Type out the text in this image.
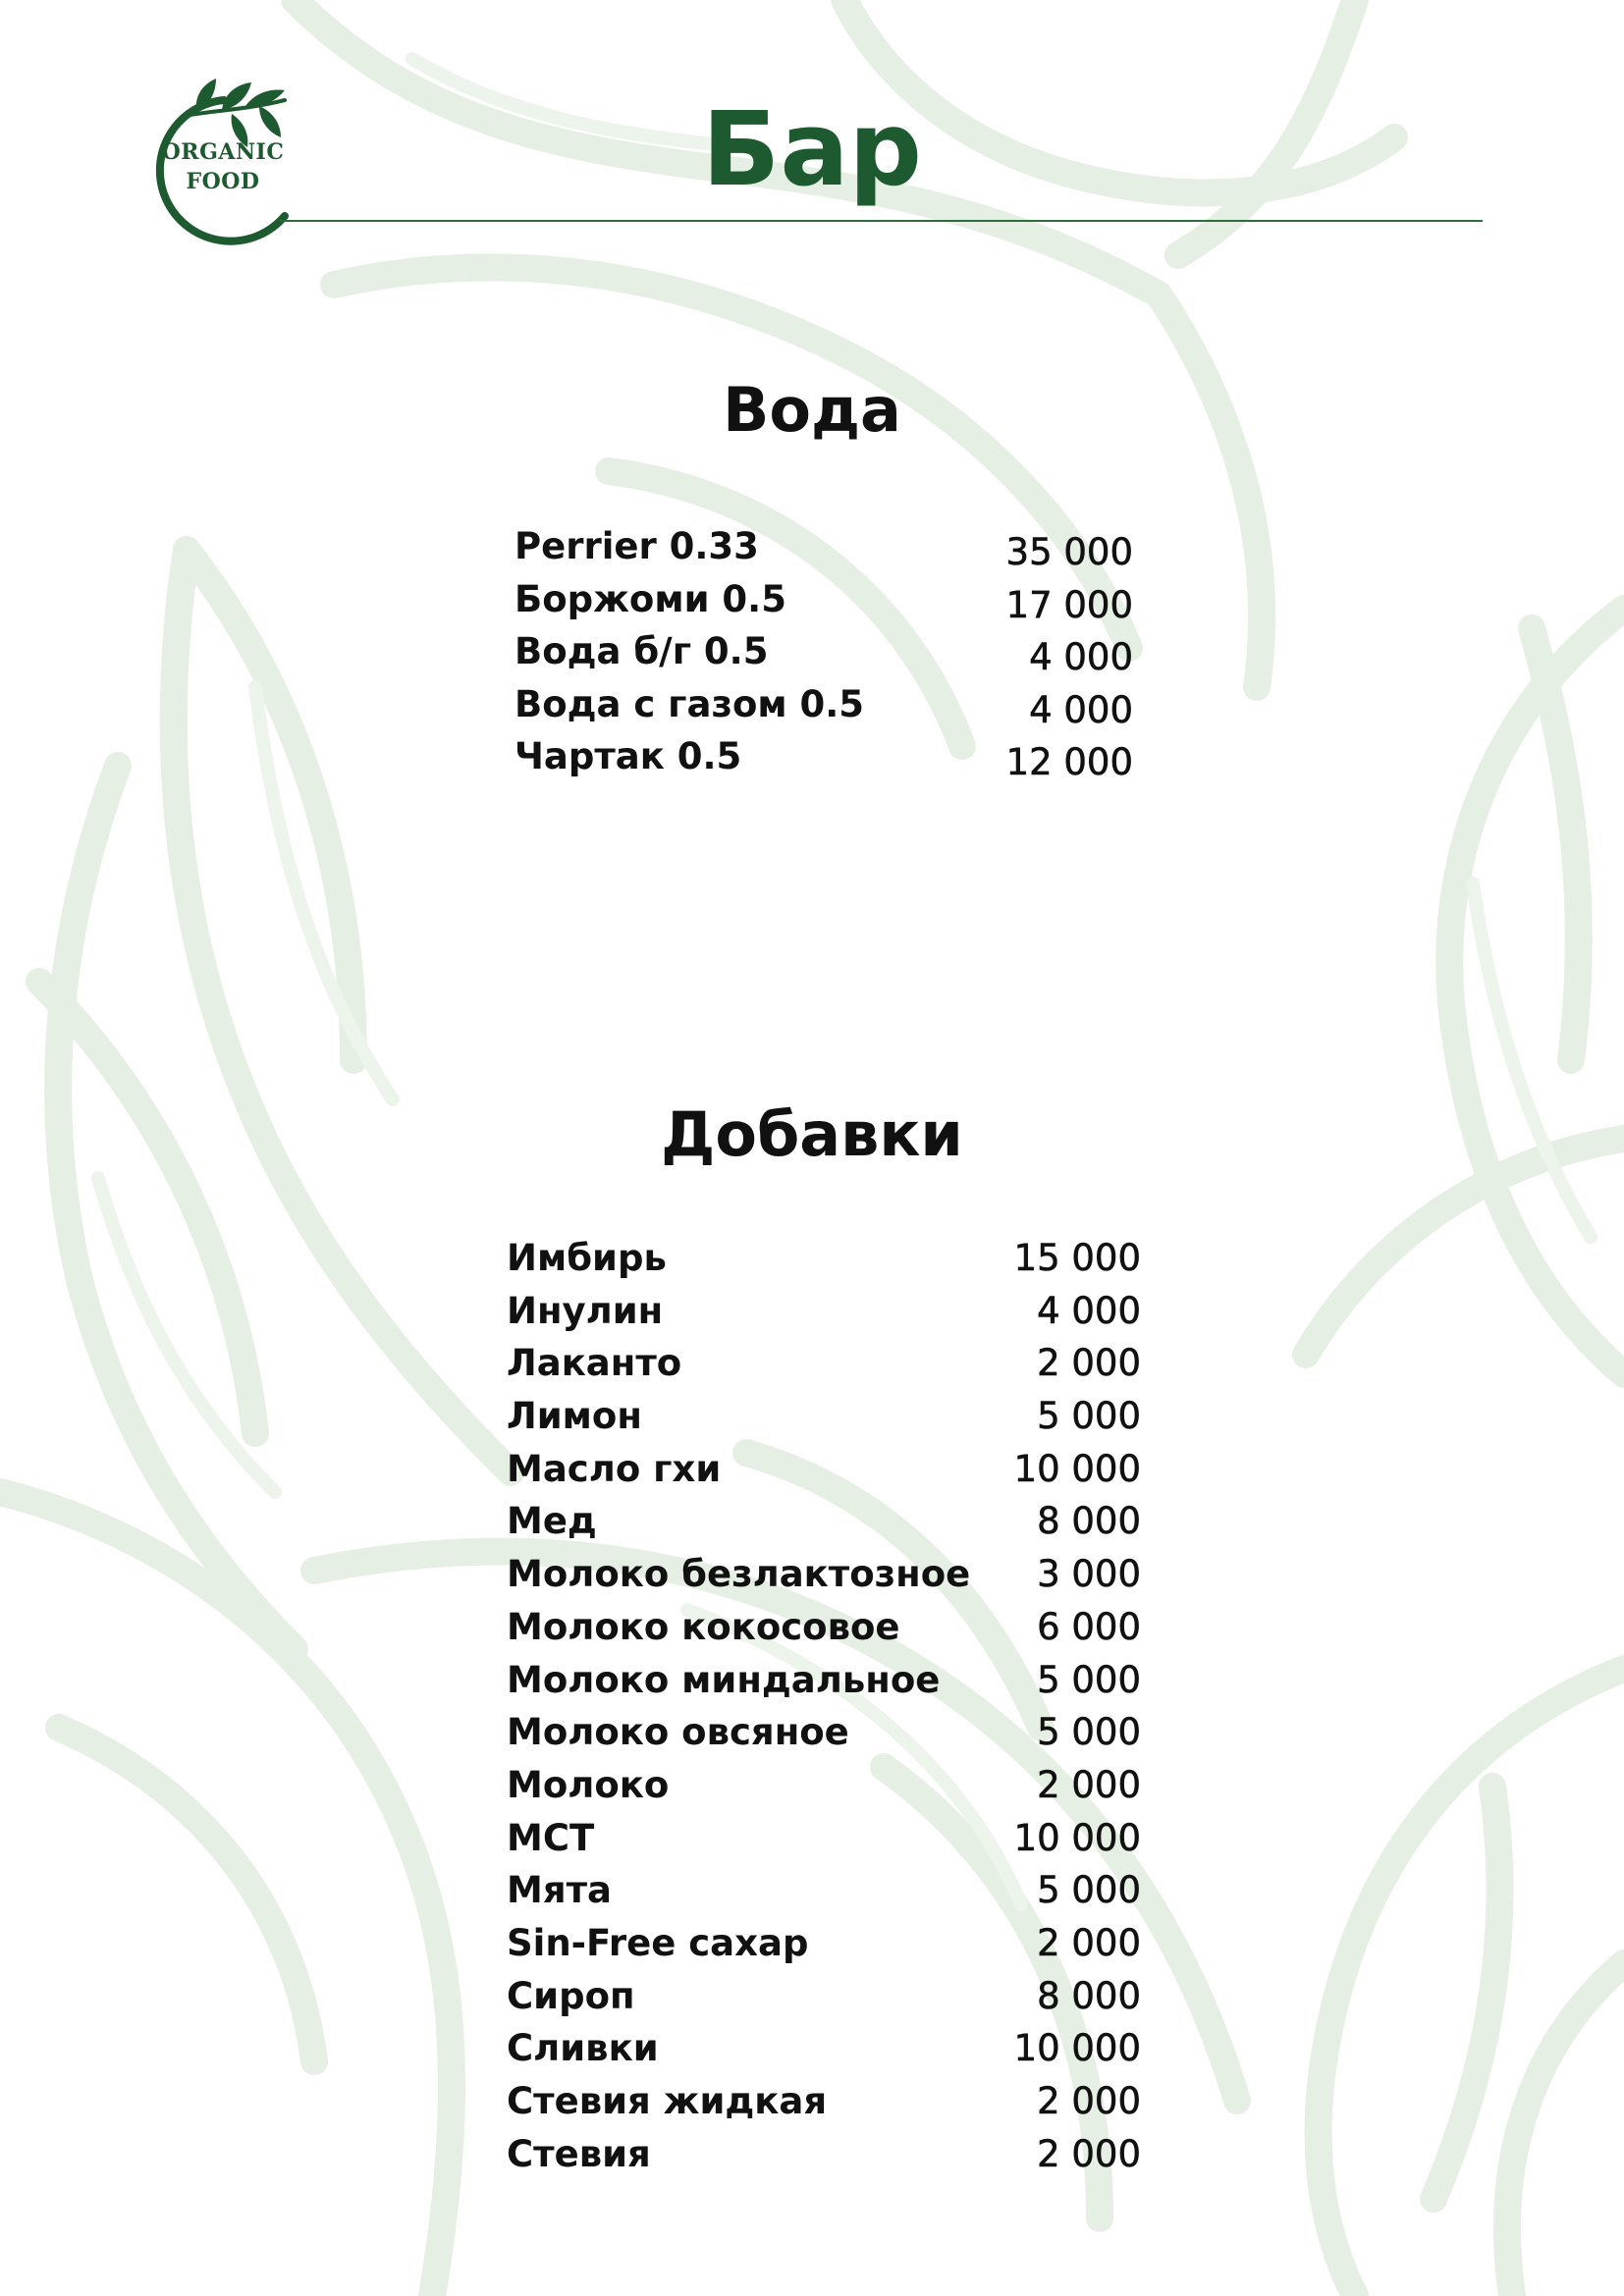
ORGANIC
FOOD	Бар
Вода
Perrier 0.33	35 000
Боржоми 0.5	17 000
Вода б/г 0.5	4 000
Вода с газом 0.5	4 000
Чартак 0.5	12 000
Добавки
Имбирь	15 000
Инулин	4 000
Лаканто	2 000
Лимон	5 000
Масло гхи	10 000
Мед	8 000
Молоко безлактозное 3 000
Молоко кокосовое	6 000
Молоко миндальное	5 000
Молоко овсяное	5 000
Молоко	2 000
МСТ	10 000
Мята	5 000
Sin-Free сахар	2 000
Сироп	8 000
Сливки	10 000
Стевия жидкая	2 000
Стевия	2 000
